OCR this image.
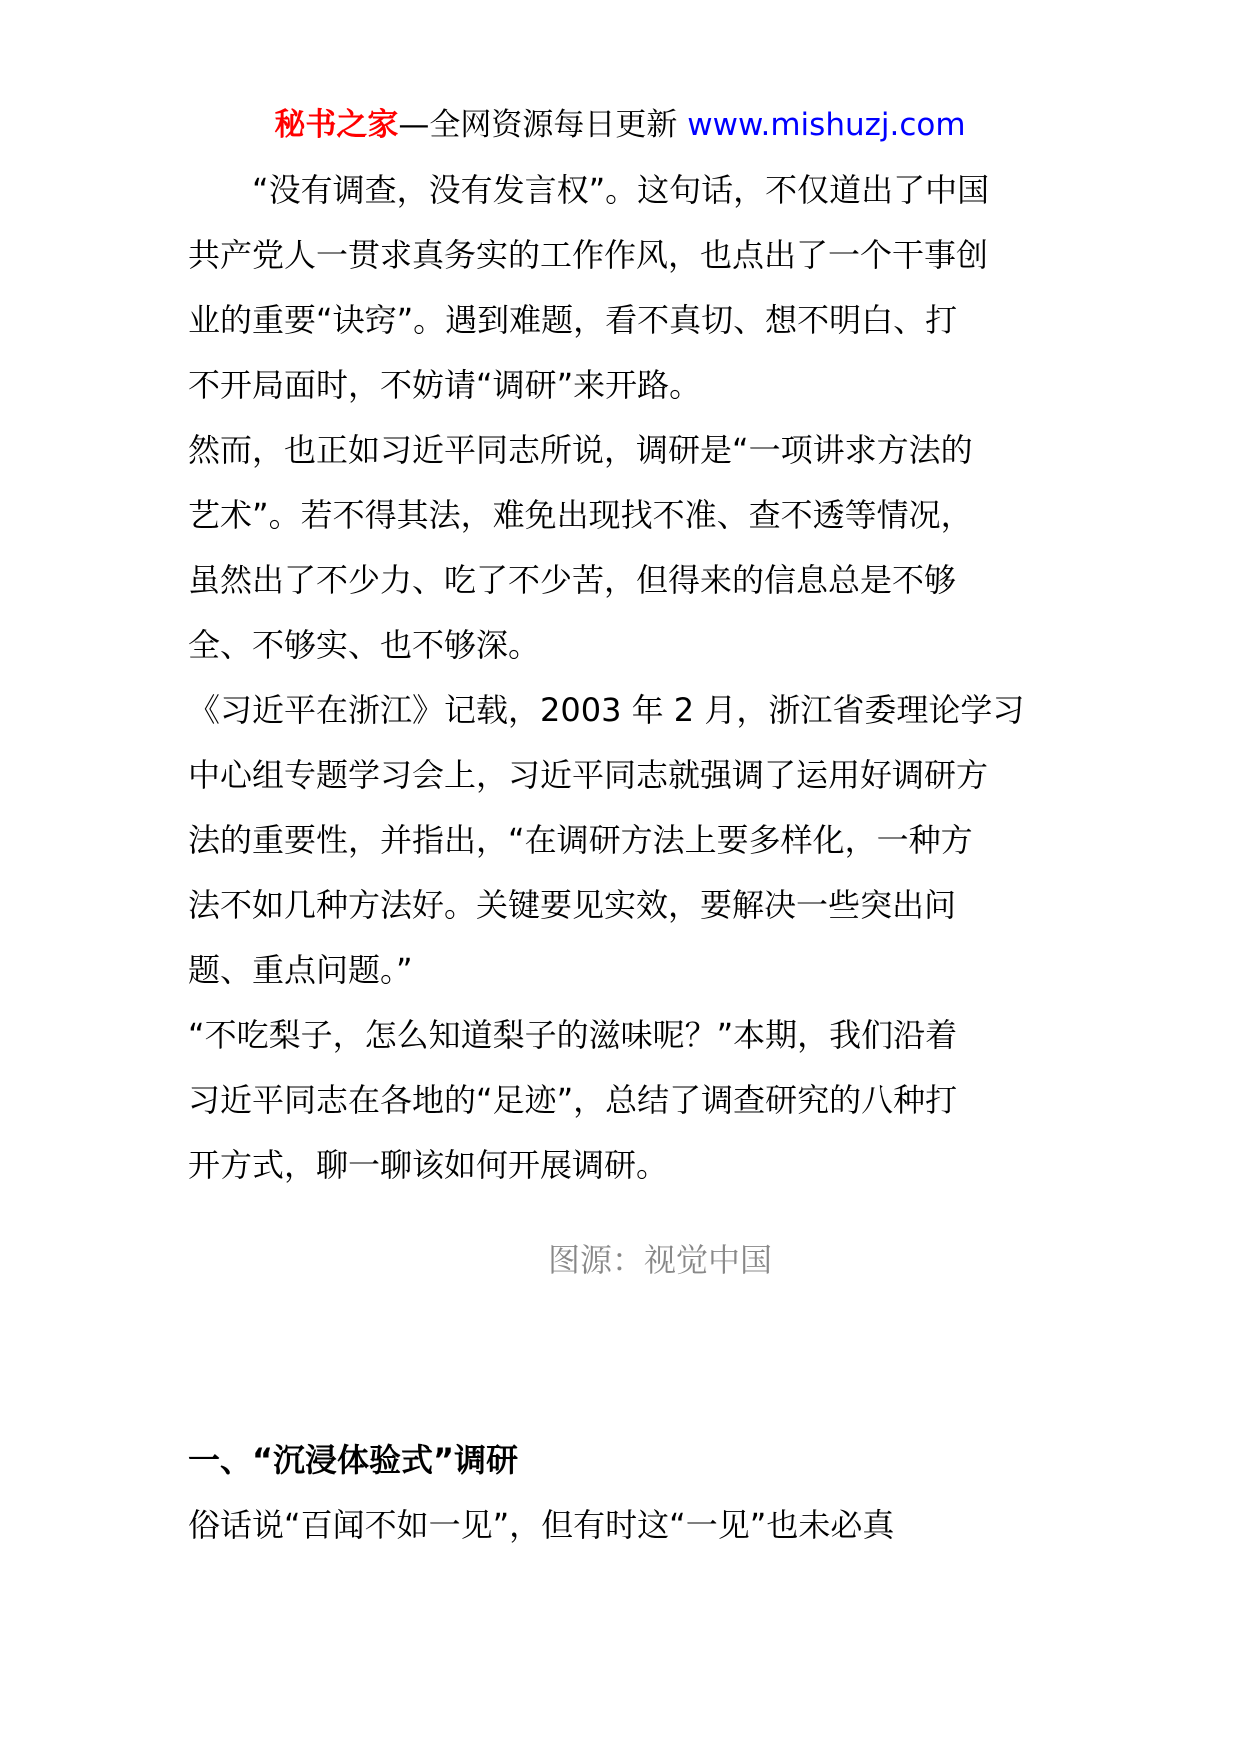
秘书之家—全网资源每日更新 www.mishuzj.com
　　“没有调查，没有发言权”。这句话，不仅道出了中国
共产党人一贯求真务实的工作作风，也点出了一个干事创
业的重要“诀窍”。遇到难题，看不真切、想不明白、打
不开局面时，不妨请“调研”来开路。
然而，也正如习近平同志所说，调研是“一项讲求方法的
艺术”。若不得其法，难免出现找不准、查不透等情况，
虽然出了不少力、吃了不少苦，但得来的信息总是不够
全、不够实、也不够深。
《习近平在浙江》记载，2003 年 2 月，浙江省委理论学习
中心组专题学习会上，习近平同志就强调了运用好调研方
法的重要性，并指出，“在调研方法上要多样化，一种方
法不如几种方法好。关键要见实效，要解决一些突出问
题、重点问题。”
“不吃梨子，怎么知道梨子的滋味呢？”本期，我们沿着
习近平同志在各地的“足迹”，总结了调查研究的八种打
开方式，聊一聊该如何开展调研。
图源：视觉中国
一、“沉浸体验式”调研
俗话说“百闻不如一见”，但有时这“一见”也未必真
